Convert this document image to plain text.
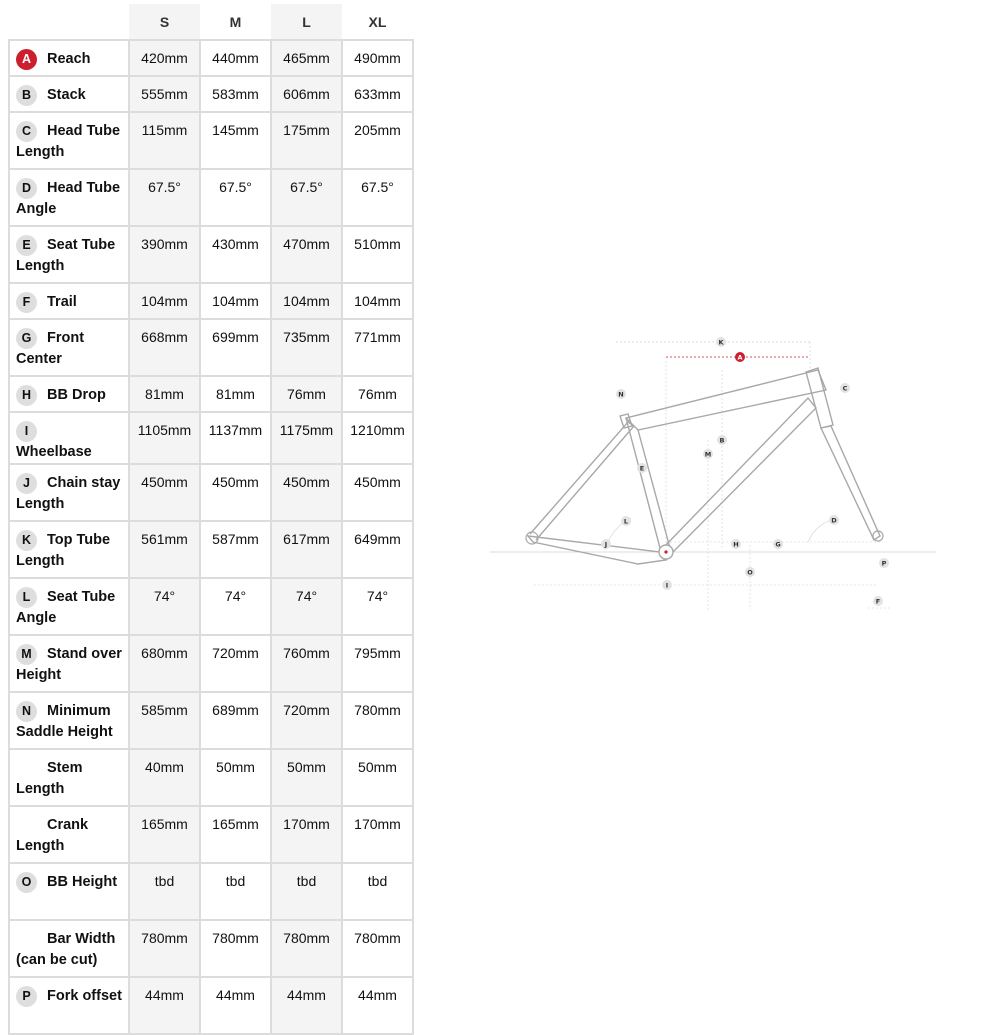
	S	M	L	XL
A Reach	420mm	440mm	465mm	490mm
B Stack	555mm	583mm	606mm	633mm
C Head Tube Length	115mm	145mm	175mm	205mm
D Head Tube Angle	67.5°	67.5°	67.5°	67.5°
E Seat Tube Length	390mm	430mm	470mm	510mm
F Trail	104mm	104mm	104mm	104mm
G Front Center	668mm	699mm	735mm	771mm
H BB Drop	81mm	81mm	76mm	76mm
IWheelbase	1105mm	1137mm	1175mm	1210mm
J Chain stay Length	450mm	450mm	450mm	450mm
K Top Tube Length	561mm	587mm	617mm	649mm
L Seat Tube Angle	74°	74°	74°	74°
M Stand over Height	680mm	720mm	760mm	795mm
N Minimum Saddle Height	585mm	689mm	720mm	780mm
Stem Length	40mm	50mm	50mm	50mm
Crank Length	165mm	165mm	170mm	170mm
O BB Height	tbd	tbd	tbd	tbd
Bar Width (can be cut)	780mm	780mm	780mm	780mm
P Fork offset	44mm	44mm	44mm	44mm
K
A
C
N
B
M
E
L	D
J	H	G
O
I
P
F
